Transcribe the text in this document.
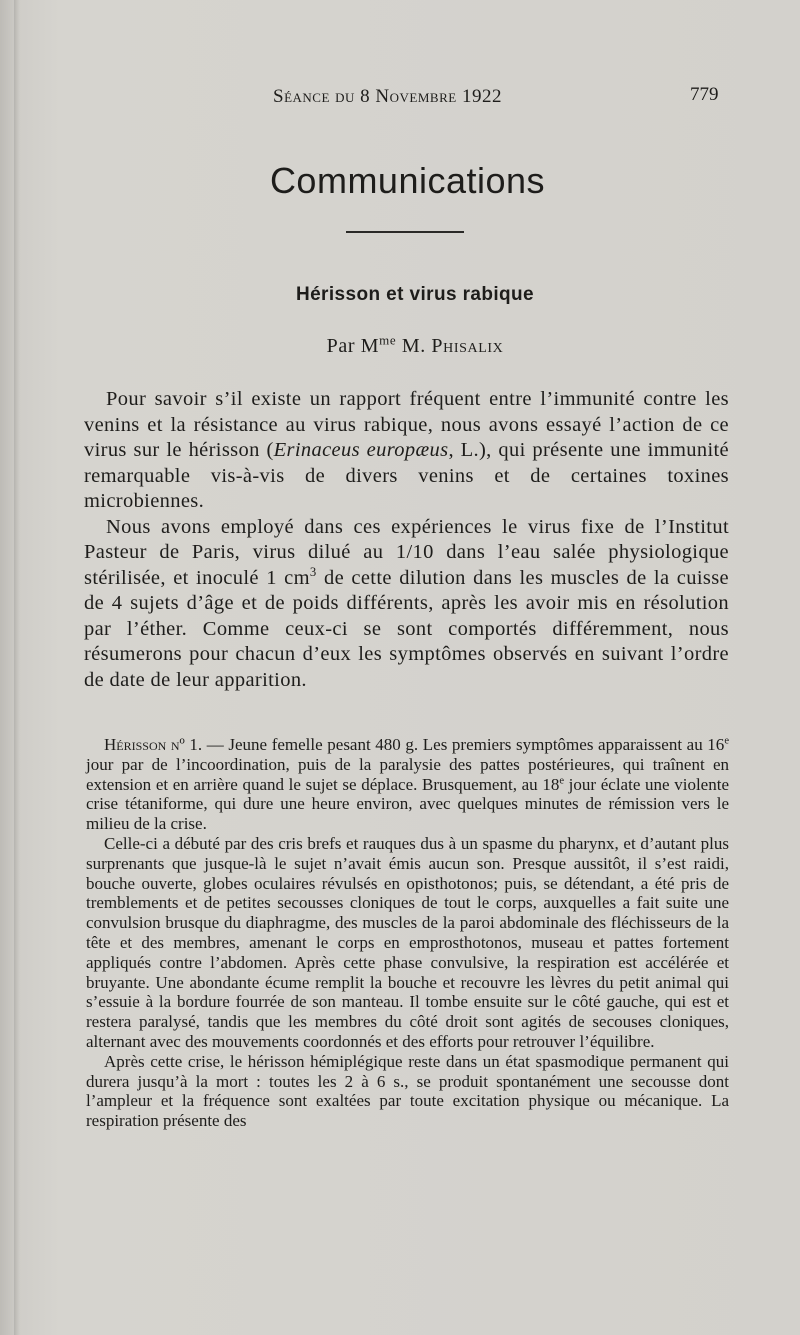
Séance du 8 Novembre 1922	779
Communications
Hérisson et virus rabique
Par $M^{me}$ M. Phisalix

Pour savoir s’il existe un rapport fréquent entre l’immunité contre les venins et la résistance au virus rabique, nous avons essayé l’action de ce virus sur le hérisson (Erinaceus europæus, L.), qui présente une immunité remarquable vis-à-vis de divers venins et de certaines toxines microbiennes.

Nous avons employé dans ces expériences le virus fixe de l’Institut Pasteur de Paris, virus dilué au 1/10 dans l’eau salée physiologique stérilisée, et inoculé 1 $cm^3$ de cette dilution dans les muscles de la cuisse de 4 sujets d’âge et de poids différents, après les avoir mis en résolution par l’éther. Comme ceux-ci se sont comportés différemment, nous résumerons pour chacun d’eux les symptômes observés en suivant l’ordre de date de leur apparition.

Hérisson nº 1. — Jeune femelle pesant 480 g. Les premiers symptômes apparaissent au 16e jour par de l’incoordination, puis de la paralysie des pattes postérieures, qui traînent en extension et en arrière quand le sujet se déplace. Brusquement, au 18e jour éclate une violente crise tétaniforme, qui dure une heure environ, avec quelques minutes de rémission vers le milieu de la crise.

Celle-ci a débuté par des cris brefs et rauques dus à un spasme du pharynx, et d’autant plus surprenants que jusque-là le sujet n’avait émis aucun son. Presque aussitôt, il s’est raidi, bouche ouverte, globes oculaires révulsés en opisthotonos; puis, se détendant, a été pris de tremblements et de petites secousses cloniques de tout le corps, auxquelles a fait suite une convulsion brusque du diaphragme, des muscles de la paroi abdominale des fléchisseurs de la tête et des membres, amenant le corps en emprosthotonos, museau et pattes fortement appliqués contre l’abdomen. Après cette phase convulsive, la respiration est accélérée et bruyante. Une abondante écume remplit la bouche et recouvre les lèvres du petit animal qui s’essuie à la bordure fourrée de son manteau. Il tombe ensuite sur le côté gauche, qui est et restera paralysé, tandis que les membres du côté droit sont agités de secouses cloniques, alternant avec des mouvements coordonnés et des efforts pour retrouver l’équilibre.

Après cette crise, le hérisson hémiplégique reste dans un état spasmodique permanent qui durera jusqu’à la mort : toutes les 2 à 6 s., se produit spontanément une secousse dont l’ampleur et la fréquence sont exaltées par toute excitation physique ou mécanique. La respiration présente des
